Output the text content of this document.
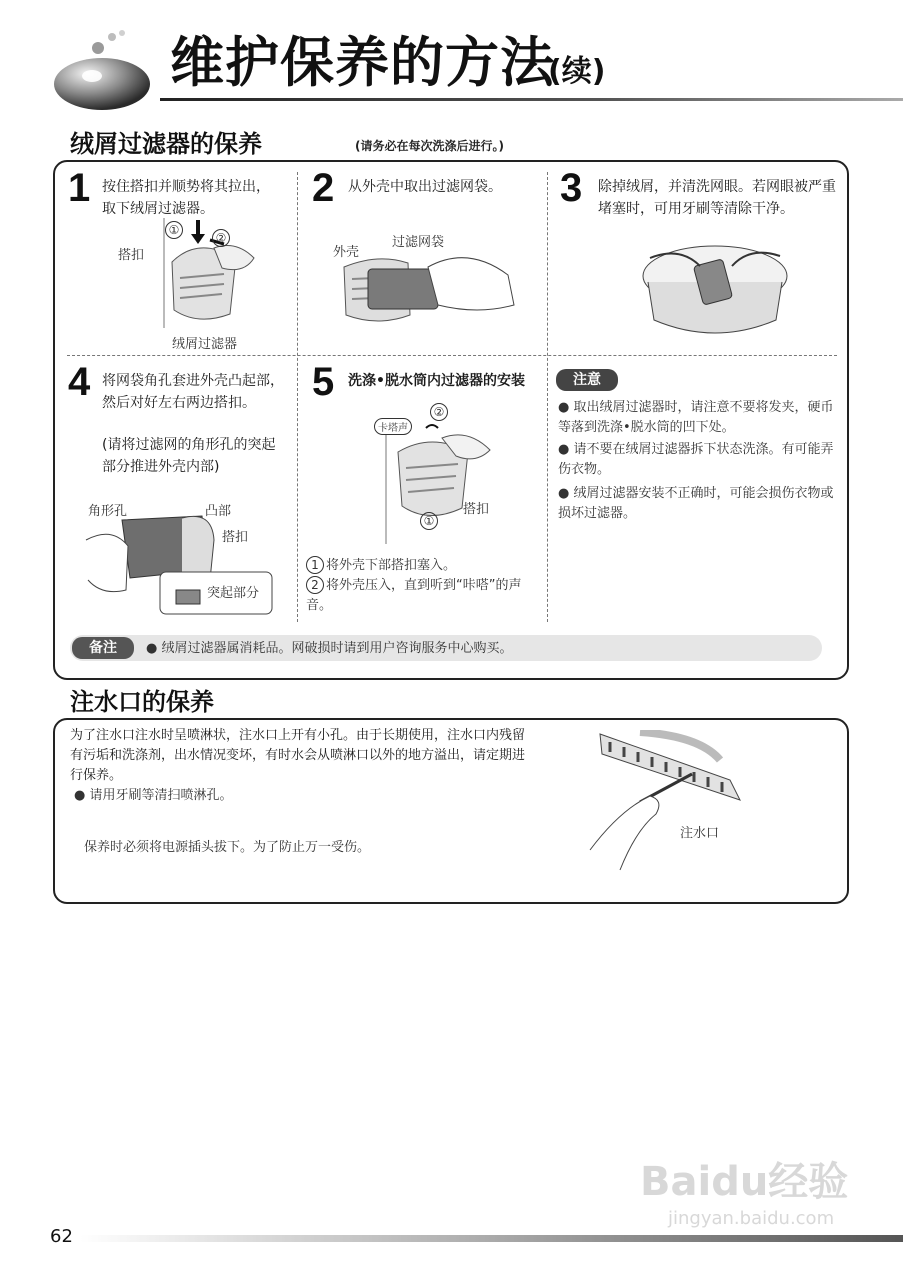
维护保养的方法
(续)
绒屑过滤器的保养	(请务必在每次洗涤后进行。)
1 按住搭扣并顺势将其拉出，取下绒屑过滤器。
①
②
搭扣
绒屑过滤器
2 从外壳中取出过滤网袋。
外壳
过滤网袋
3 除掉绒屑，并清洗网眼。若网眼被严重堵塞时，可用牙刷等清除干净。
4 将网袋角孔套进外壳凸起部，然后对好左右两边搭扣。
(请将过滤网的角形孔的突起部分推进外壳内部)
角形孔	凸部
搭扣
突起部分
5 洗涤•脱水筒内过滤器的安装
卡塔声
搭扣
①
②
1 将外壳下部搭扣塞入。
2 将外壳压入，直到听到“咔嗒”的声音。
注意
● 取出绒屑过滤器时，请注意不要将发夹，硬币等落到洗涤•脱水筒的凹下处。
● 请不要在绒屑过滤器拆下状态洗涤。有可能弄伤衣物。
● 绒屑过滤器安装不正确时，可能会损伤衣物或损坏过滤器。
备注	● 绒屑过滤器属消耗品。网破损时请到用户咨询服务中心购买。
注水口的保养
为了注水口注水时呈喷淋状，注水口上开有小孔。由于长期使用，注水口内残留有污垢和洗涤剂，出水情况变坏，有时水会从喷淋口以外的地方溢出，请定期进行保养。
● 请用牙刷等清扫喷淋孔。
保养时必须将电源插头拔下。为了防止万一受伤。
注水口
Baidu经验
jingyan.baidu.com
62
